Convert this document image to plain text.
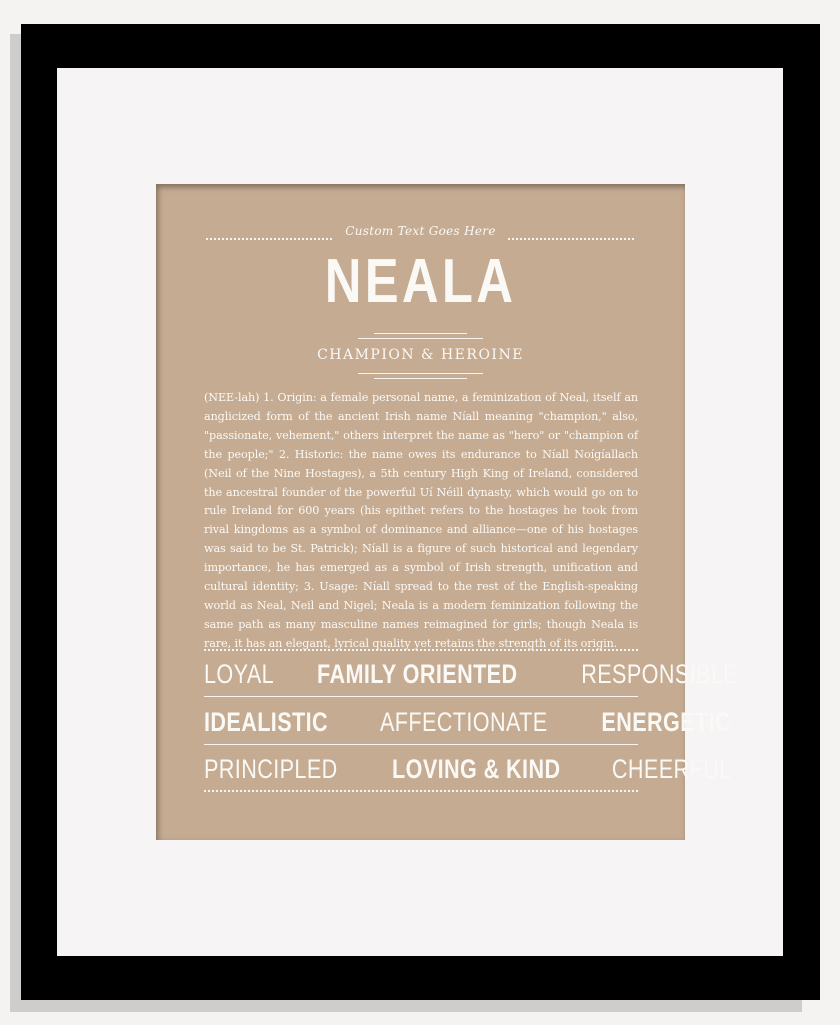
Custom Text Goes Here
NEALA
CHAMPION & HEROINE
(NEE-lah) 1. Origin: a female personal name, a feminization of Neal, itself an anglicized form of the ancient Irish name Níall meaning "champion," also, "passionate, vehement," others interpret the name as "hero" or "champion of the people;" 2. Historic: the name owes its endurance to Níall Noígíallach (Neil of the Nine Hostages), a 5th century High King of Ireland, considered the ancestral founder of the powerful Uí Néill dynasty, which would go on to rule Ireland for 600 years (his epithet refers to the hostages he took from rival kingdoms as a symbol of dominance and alliance—one of his hostages was said to be St. Patrick); Níall is a figure of such historical and legendary importance, he has emerged as a symbol of Irish strength, unification and cultural identity; 3. Usage: Níall spread to the rest of the English-speaking world as Neal, Neil and Nigel; Neala is a modern feminization following the same path as many masculine names reimagined for girls; though Neala is rare, it has an elegant, lyrical quality yet retains the strength of its origin.
LOYAL FAMILY ORIENTED RESPONSIBLE
IDEALISTIC AFFECTIONATE ENERGETIC
PRINCIPLED LOVING & KIND CHEERFUL
